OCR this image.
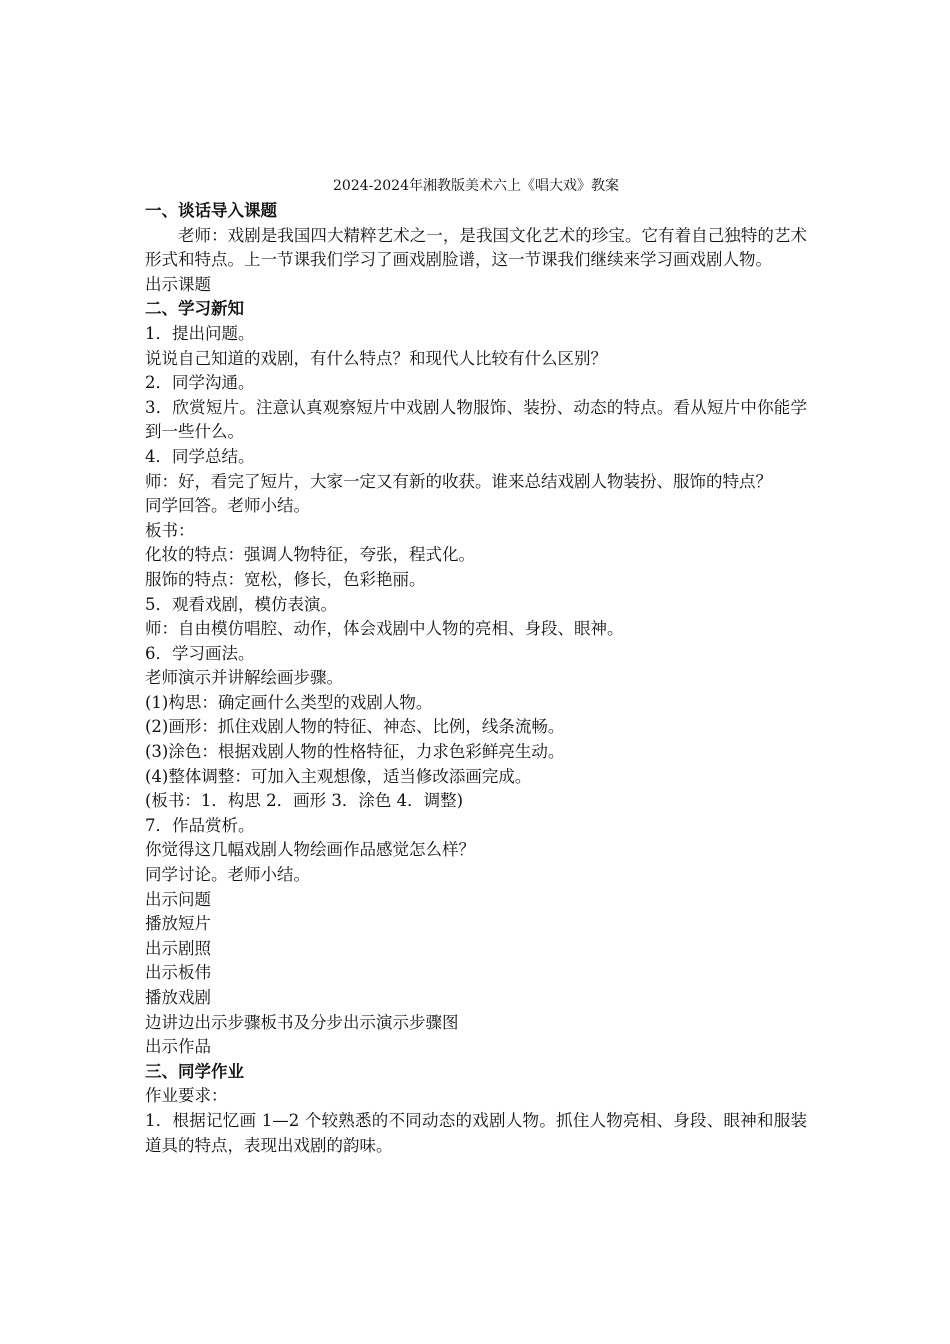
2024-2024年湘教版美术六上《唱大戏》教案
一、谈话导入课题
老师：戏剧是我国四大精粹艺术之一，是我国文化艺术的珍宝。它有着自己独特的艺术形式和特点。上一节课我们学习了画戏剧脸谱，这一节课我们继续来学习画戏剧人物。
出示课题
二、学习新知
1．提出问题。
说说自己知道的戏剧，有什么特点？和现代人比较有什么区别？
2．同学沟通。
3．欣赏短片。注意认真观察短片中戏剧人物服饰、装扮、动态的特点。看从短片中你能学到一些什么。
4．同学总结。
师：好，看完了短片，大家一定又有新的收获。谁来总结戏剧人物装扮、服饰的特点？
同学回答。老师小结。
板书：
化妆的特点：强调人物特征，夸张，程式化。
服饰的特点：宽松，修长，色彩艳丽。
5．观看戏剧，模仿表演。
师：自由模仿唱腔、动作，体会戏剧中人物的亮相、身段、眼神。
6．学习画法。
老师演示并讲解绘画步骤。
(1)构思：确定画什么类型的戏剧人物。
(2)画形：抓住戏剧人物的特征、神态、比例，线条流畅。
(3)涂色：根据戏剧人物的性格特征，力求色彩鲜亮生动。
(4)整体调整：可加入主观想像，适当修改添画完成。
(板书：1．构思 2．画形 3．涂色 4．调整)
7．作品赏析。
你觉得这几幅戏剧人物绘画作品感觉怎么样？
同学讨论。老师小结。
出示问题
播放短片
出示剧照
出示板伟
播放戏剧
边讲边出示步骤板书及分步出示演示步骤图
出示作品
三、同学作业
作业要求：
1．根据记忆画 1—2 个较熟悉的不同动态的戏剧人物。抓住人物亮相、身段、眼神和服装道具的特点，表现出戏剧的韵味。
